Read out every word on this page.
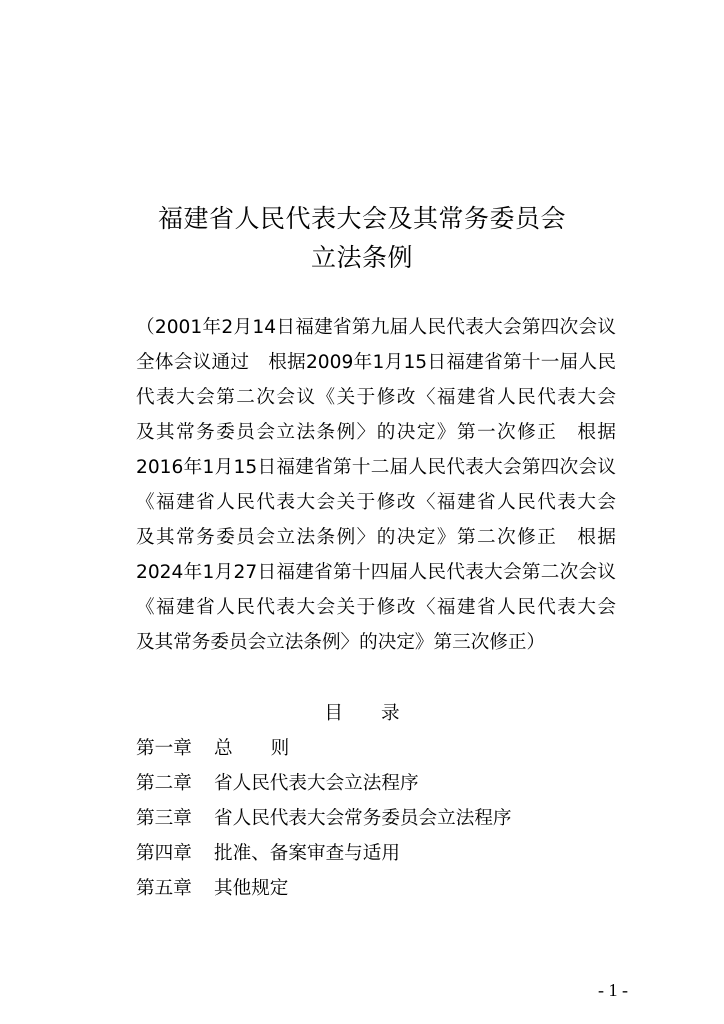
福建省人民代表大会及其常务委员会
立法条例
（2001年2月14日福建省第九届人民代表大会第四次会议
全体会议通过　根据2009年1月15日福建省第十一届人民
代表大会第二次会议《关于修改〈福建省人民代表大会
及其常务委员会立法条例〉的决定》第一次修正　根据
2016年1月15日福建省第十二届人民代表大会第四次会议
《福建省人民代表大会关于修改〈福建省人民代表大会
及其常务委员会立法条例〉的决定》第二次修正　根据
2024年1月27日福建省第十四届人民代表大会第二次会议
《福建省人民代表大会关于修改〈福建省人民代表大会
及其常务委员会立法条例〉的决定》第三次修正）
目 录
第一章 总 则
第二章 省人民代表大会立法程序
第三章 省人民代表大会常务委员会立法程序
第四章 批准、备案审查与适用
第五章 其他规定
- 1 -
